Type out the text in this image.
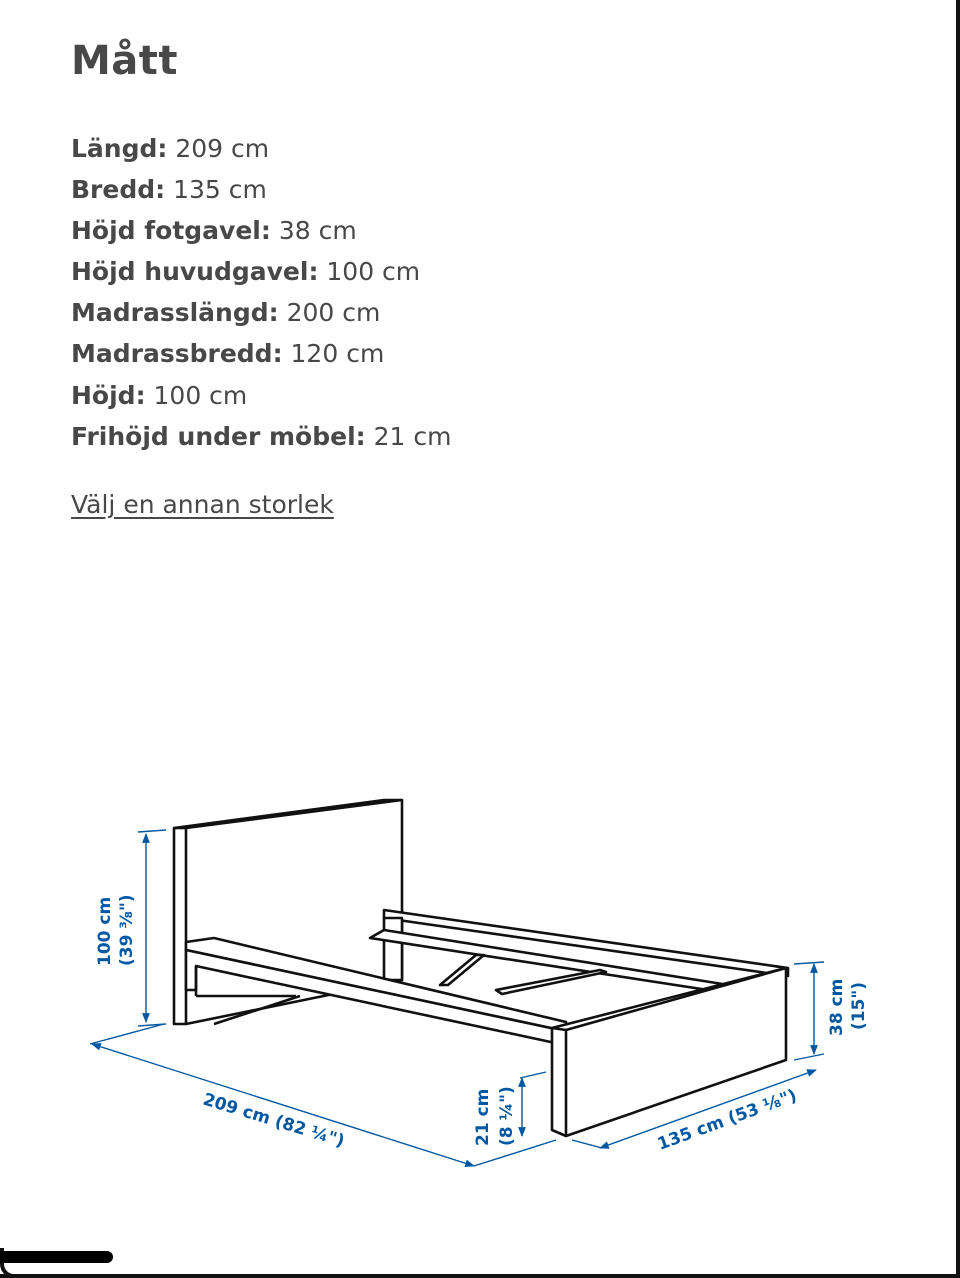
Mått
Längd: 209 cm
Bredd: 135 cm
Höjd fotgavel: 38 cm
Höjd huvudgavel: 100 cm
Madrasslängd: 200 cm
Madrassbredd: 120 cm
Höjd: 100 cm
Frihöjd under möbel: 21 cm
Välj en annan storlek
100 cm (39 ⅜")
209 cm (82 ¼")	21 cm (8 ¼")	135 cm (53 ⅛")
38 cm (15")
